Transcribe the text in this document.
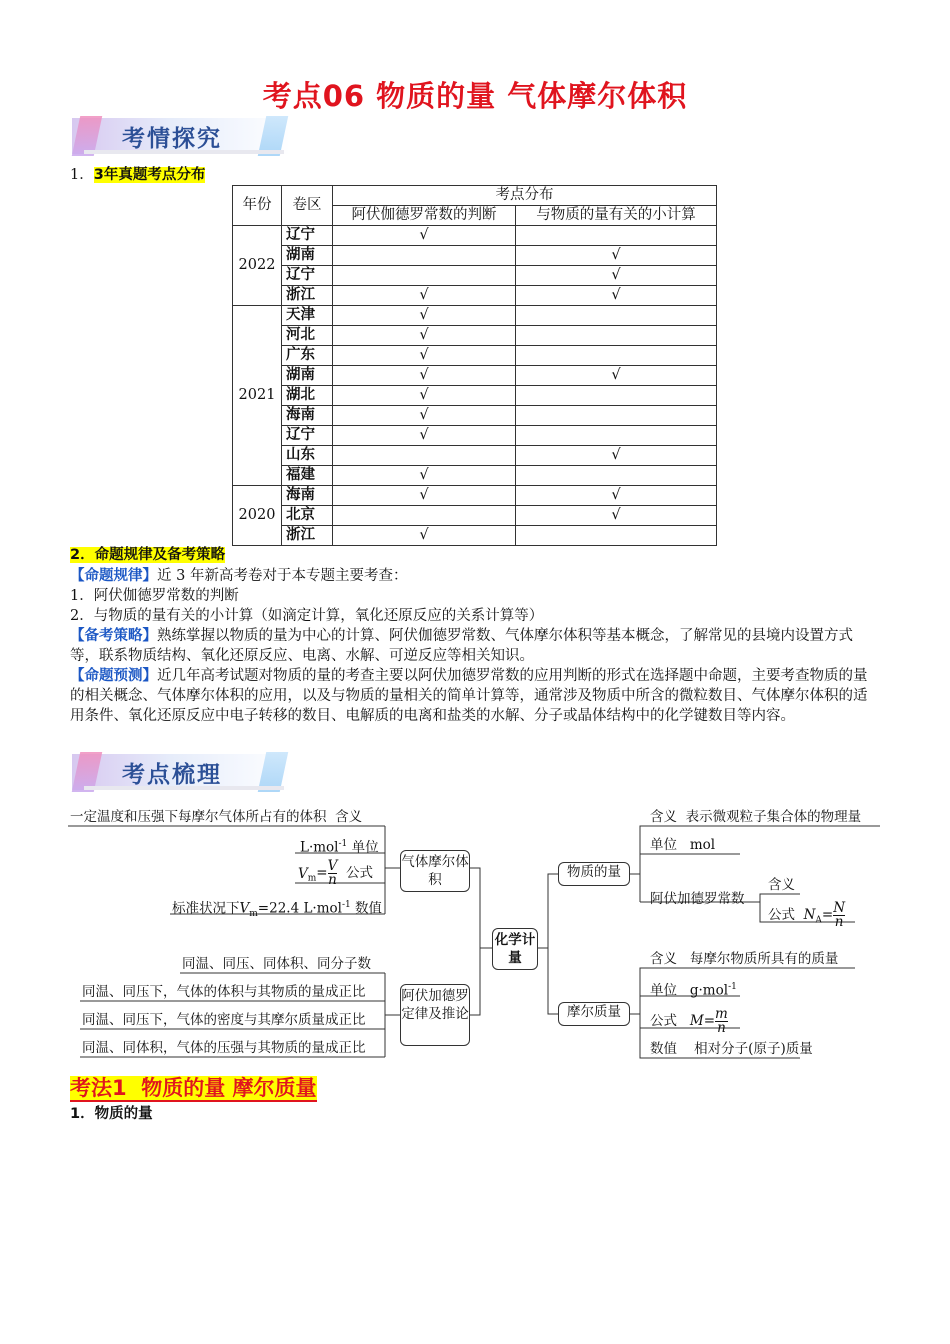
考点06 物质的量 气体摩尔体积
考情探究
1．3年真题考点分布
年份	卷区	考点分布	
		阿伏伽德罗常数的判断	与物质的量有关的小计算
2022	辽宁	√	
	湖南		√
	辽宁		√
	浙江	√	√
2021	天津	√	
	河北	√	
	广东	√	
	湖南	√	√
	湖北	√	
	海南	√	
	辽宁	√	
	山东		√
	福建	√	
2020	海南	√	√
	北京		√
	浙江	√	
2．命题规律及备考策略
【命题规律】近 3 年新高考卷对于本专题主要考查：
1．阿伏伽德罗常数的判断
2．与物质的量有关的小计算（如滴定计算，氧化还原反应的关系计算等）
【备考策略】熟练掌握以物质的量为中心的计算、阿伏伽德罗常数、气体摩尔体积等基本概念，了解常见的县境内设置方式等，联系物质结构、氧化还原反应、电离、水解、可逆反应等相关知识。
【命题预测】近几年高考试题对物质的量的考查主要以阿伏加德罗常数的应用判断的形式在选择题中命题，主要考查物质的量的相关概念、气体摩尔体积的应用，以及与物质的量相关的简单计算等，通常涉及物质中所含的微粒数目、气体摩尔体积的适用条件、氧化还原反应中电子转移的数目、电解质的电离和盐类的水解、分子或晶体结构中的化学键数目等内容。
考点梳理
一定温度和压强下每摩尔气体所占有的体积 含义
L·mol$^{-1}$ 单位
$V_m= \frac{V}{n}$ 公式
标准状况下$V_m=22.4$ L·mol$^{-1}$ 数值
气体摩尔体积
同温、同压、同体积、同分子数
同温、同压下，气体的体积与其物质的量成正比
同温、同压下，气体的密度与其摩尔质量成正比
同温、同体积，气体的压强与其物质的量成正比
阿伏加德罗定律及推论
化学计量
物质的量
含义 表示微观粒子集合体的物理量
单位 mol
阿伏加德罗常数
含义
公式 $N_A= \frac{N}{n}$
摩尔质量
含义 每摩尔物质所具有的质量
单位 g·mol$^{-1}$
公式 $M= \frac{m}{n}$
数值 相对分子(原子)质量
考法1 物质的量 摩尔质量
1．物质的量
